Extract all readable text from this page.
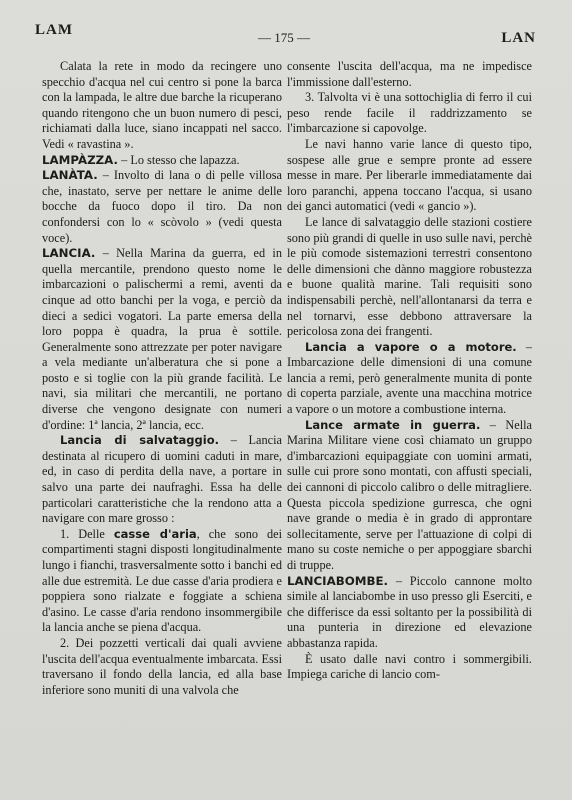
LAM	— 175 —	LAN

Calata la rete in modo da recingere uno specchio d'acqua nel cui centro si pone la barca con la lampada, le altre due barche la ricuperano quando ritengono che un buon numero di pesci, richiamati dalla luce, siano incappati nel sacco. Vedi « ravastina ».

LAMPÀZZA. – Lo stesso che lapazza.

LANÀTA. – Involto di lana o di pelle villosa che, inastato, serve per nettare le anime delle bocche da fuoco dopo il tiro. Da non confondersi con lo « scòvolo » (vedi questa voce).

LANCIA. – Nella Marina da guerra, ed in quella mercantile, prendono questo nome le imbarcazioni o palischermi a remi, aventi da cinque ad otto banchi per la voga, e perciò da dieci a sedici vogatori. La parte emersa della loro poppa è quadra, la prua è sottile. Generalmente sono attrezzate per poter navigare a vela mediante un'alberatura che si pone a posto e si toglie con la più grande facilità. Le navi, sia militari che mercantili, ne portano diverse che vengono designate con numeri d'ordine: 1ª lancia, 2ª lancia, ecc.

Lancia di salvataggio. – Lancia destinata al ricupero di uomini caduti in mare, ed, in caso di perdita della nave, a portare in salvo una parte dei naufraghi. Essa ha delle particolari caratteristiche che la rendono atta a navigare con mare grosso :

1. Delle casse d'aria, che sono dei compartimenti stagni disposti longitudinalmente lungo i fianchi, trasversalmente sotto i banchi ed alle due estremità. Le due casse d'aria prodiera e poppiera sono rialzate e foggiate a schiena d'asino. Le casse d'aria rendono insommergibile la lancia anche se piena d'acqua.

2. Dei pozzetti verticali dai quali avviene l'uscita dell'acqua eventualmente imbarcata. Essi traversano il fondo della lancia, ed alla base inferiore sono muniti di una valvola che

consente l'uscita dell'acqua, ma ne impedisce l'immissione dall'esterno.

3. Talvolta vi è una sottochiglia di ferro il cui peso rende facile il raddrizzamento se l'imbarcazione si capovolge.

Le navi hanno varie lance di questo tipo, sospese alle grue e sempre pronte ad essere messe in mare. Per liberarle immediatamente dai loro paranchi, appena toccano l'acqua, si usano dei ganci automatici (vedi « gancio »).

Le lance di salvataggio delle stazioni costiere sono più grandi di quelle in uso sulle navi, perchè le più comode sistemazioni terrestri consentono delle dimensioni che dànno maggiore robustezza e buone qualità marine. Tali requisiti sono indispensabili perchè, nell'allontanarsi da terra e nel tornarvi, esse debbono attraversare la pericolosa zona dei frangenti.

Lancia a vapore o a motore. – Imbarcazione delle dimensioni di una comune lancia a remi, però generalmente munita di ponte di coperta parziale, avente una macchina motrice a vapore o un motore a combustione interna.

Lance armate in guerra. – Nella Marina Militare viene così chiamato un gruppo d'imbarcazioni equipaggiate con uomini armati, sulle cui prore sono montati, con affusti speciali, dei cannoni di piccolo calibro o delle mitragliere. Questa piccola spedizione gurresca, che ogni nave grande o media è in grado di approntare sollecitamente, serve per l'attuazione di colpi di mano su coste nemiche o per appoggiare sbarchi di truppe.

LANCIABOMBE. – Piccolo cannone molto simile al lanciabombe in uso presso gli Eserciti, e che differisce da essi soltanto per la possibilità di una punteria in direzione ed elevazione abbastanza rapida.

È usato dalle navi contro i sommergibili. Impiega cariche di lancio com-
